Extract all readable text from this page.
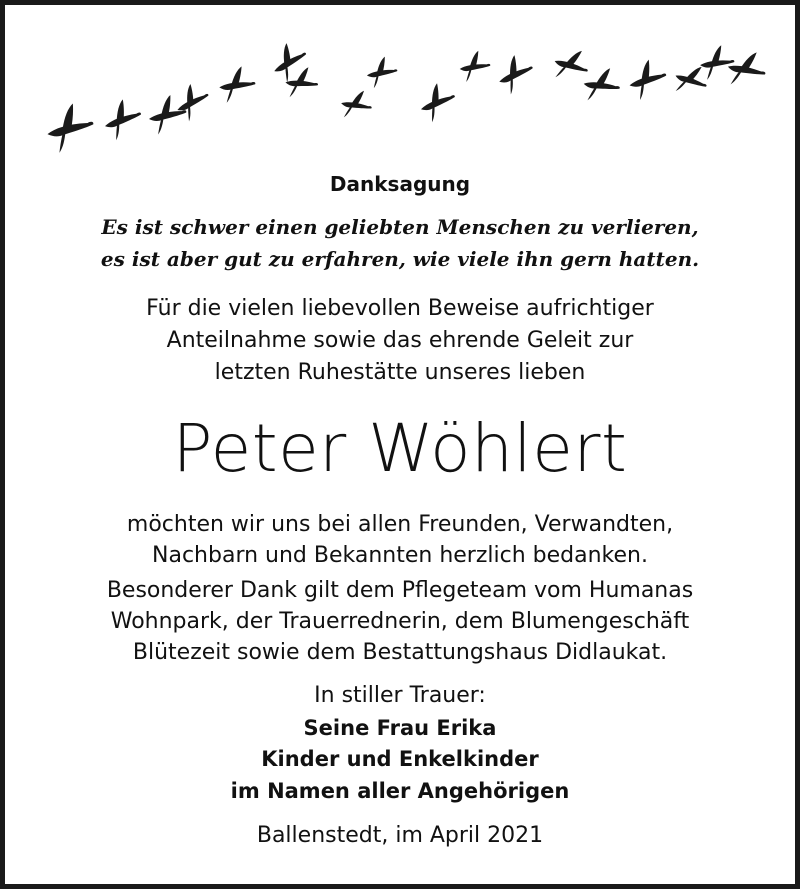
Danksagung
Es ist schwer einen geliebten Menschen zu verlieren,
es ist aber gut zu erfahren, wie viele ihn gern hatten.
Für die vielen liebevollen Beweise aufrichtiger
Anteilnahme sowie das ehrende Geleit zur
letzten Ruhestätte unseres lieben
Peter Wöhlert
möchten wir uns bei allen Freunden, Verwandten,
Nachbarn und Bekannten herzlich bedanken.
Besonderer Dank gilt dem Pflegeteam vom Humanas
Wohnpark, der Trauerrednerin, dem Blumengeschäft
Blütezeit sowie dem Bestattungshaus Didlaukat.
In stiller Trauer:
Seine Frau Erika
Kinder und Enkelkinder
im Namen aller Angehörigen
Ballenstedt, im April 2021
